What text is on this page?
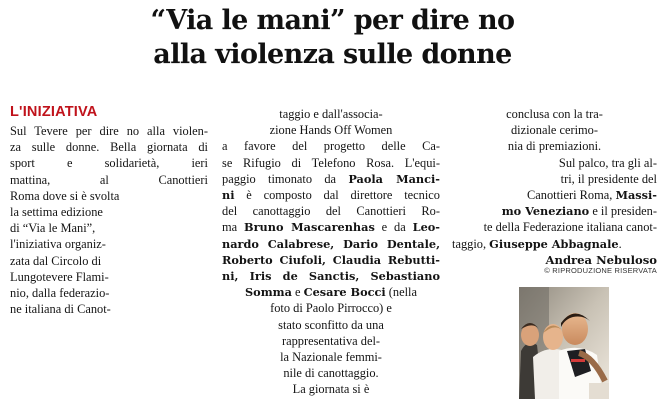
“Via le mani” per dire no
alla violenza sulle donne
L'INIZIATIVA

Sul Tevere per dire no alla violen-

za sulle donne. Bella giornata di

sport e solidarietà, ieri

mattina, al Canottieri

Roma dove si è svolta

la settima edizione

di “Via le Mani”,

l'iniziativa organiz-

zata dal Circolo di

Lungotevere Flami-

nio, dalla federazio-

ne italiana di Canot-

taggio e dall'associa-

zione Hands Off Women

a favore del progetto delle Ca-

se Rifugio di Telefono Rosa. L'equi-

paggio timonato da Paola Manci-

ni è composto dal direttore tecnico

del canottaggio del Canottieri Ro-

ma Bruno Mascarenhas e da Leo-

nardo Calabrese, Dario Dentale,

Roberto Ciufoli, Claudia Rebutti-

ni, Iris de Sanctis, Sebastiano

Somma e Cesare Bocci (nella

foto di Paolo Pirrocco) e

stato sconfitto da una

rappresentativa del-

la Nazionale femmi-

nile di canottaggio.

La giornata si è

conclusa con la tra-

dizionale cerimo-

nia di premiazioni.

Sul palco, tra gli al-

tri, il presidente del

Canottieri Roma, Massi-

mo Veneziano e il presiden-

te della Federazione italiana canot-

taggio, Giuseppe Abbagnale.

Andrea Nebuloso

© RIPRODUZIONE RISERVATA
